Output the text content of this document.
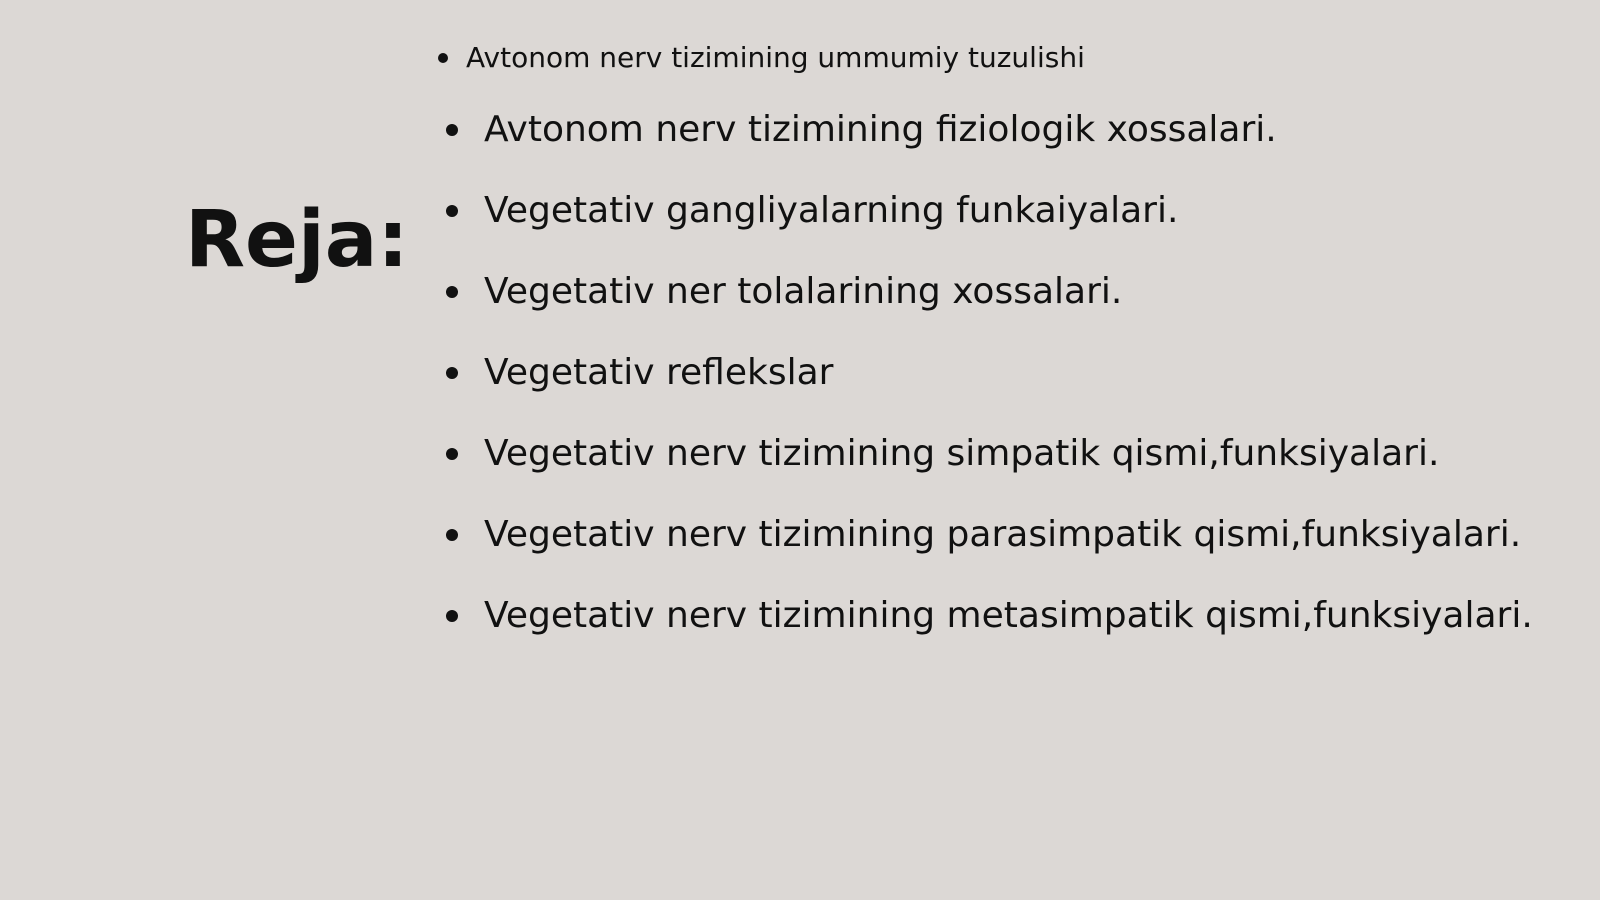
Reja:
Avtonom nerv tizimining ummumiy tuzulishi
Avtonom nerv tizimining fiziologik xossalari.
Vegetativ gangliyalarning funkaiyalari.
Vegetativ ner tolalarining xossalari.
Vegetativ reflekslar
Vegetativ nerv tizimining simpatik qismi,funksiyalari.
Vegetativ nerv tizimining parasimpatik qismi,funksiyalari.
Vegetativ nerv tizimining metasimpatik qismi,funksiyalari.
